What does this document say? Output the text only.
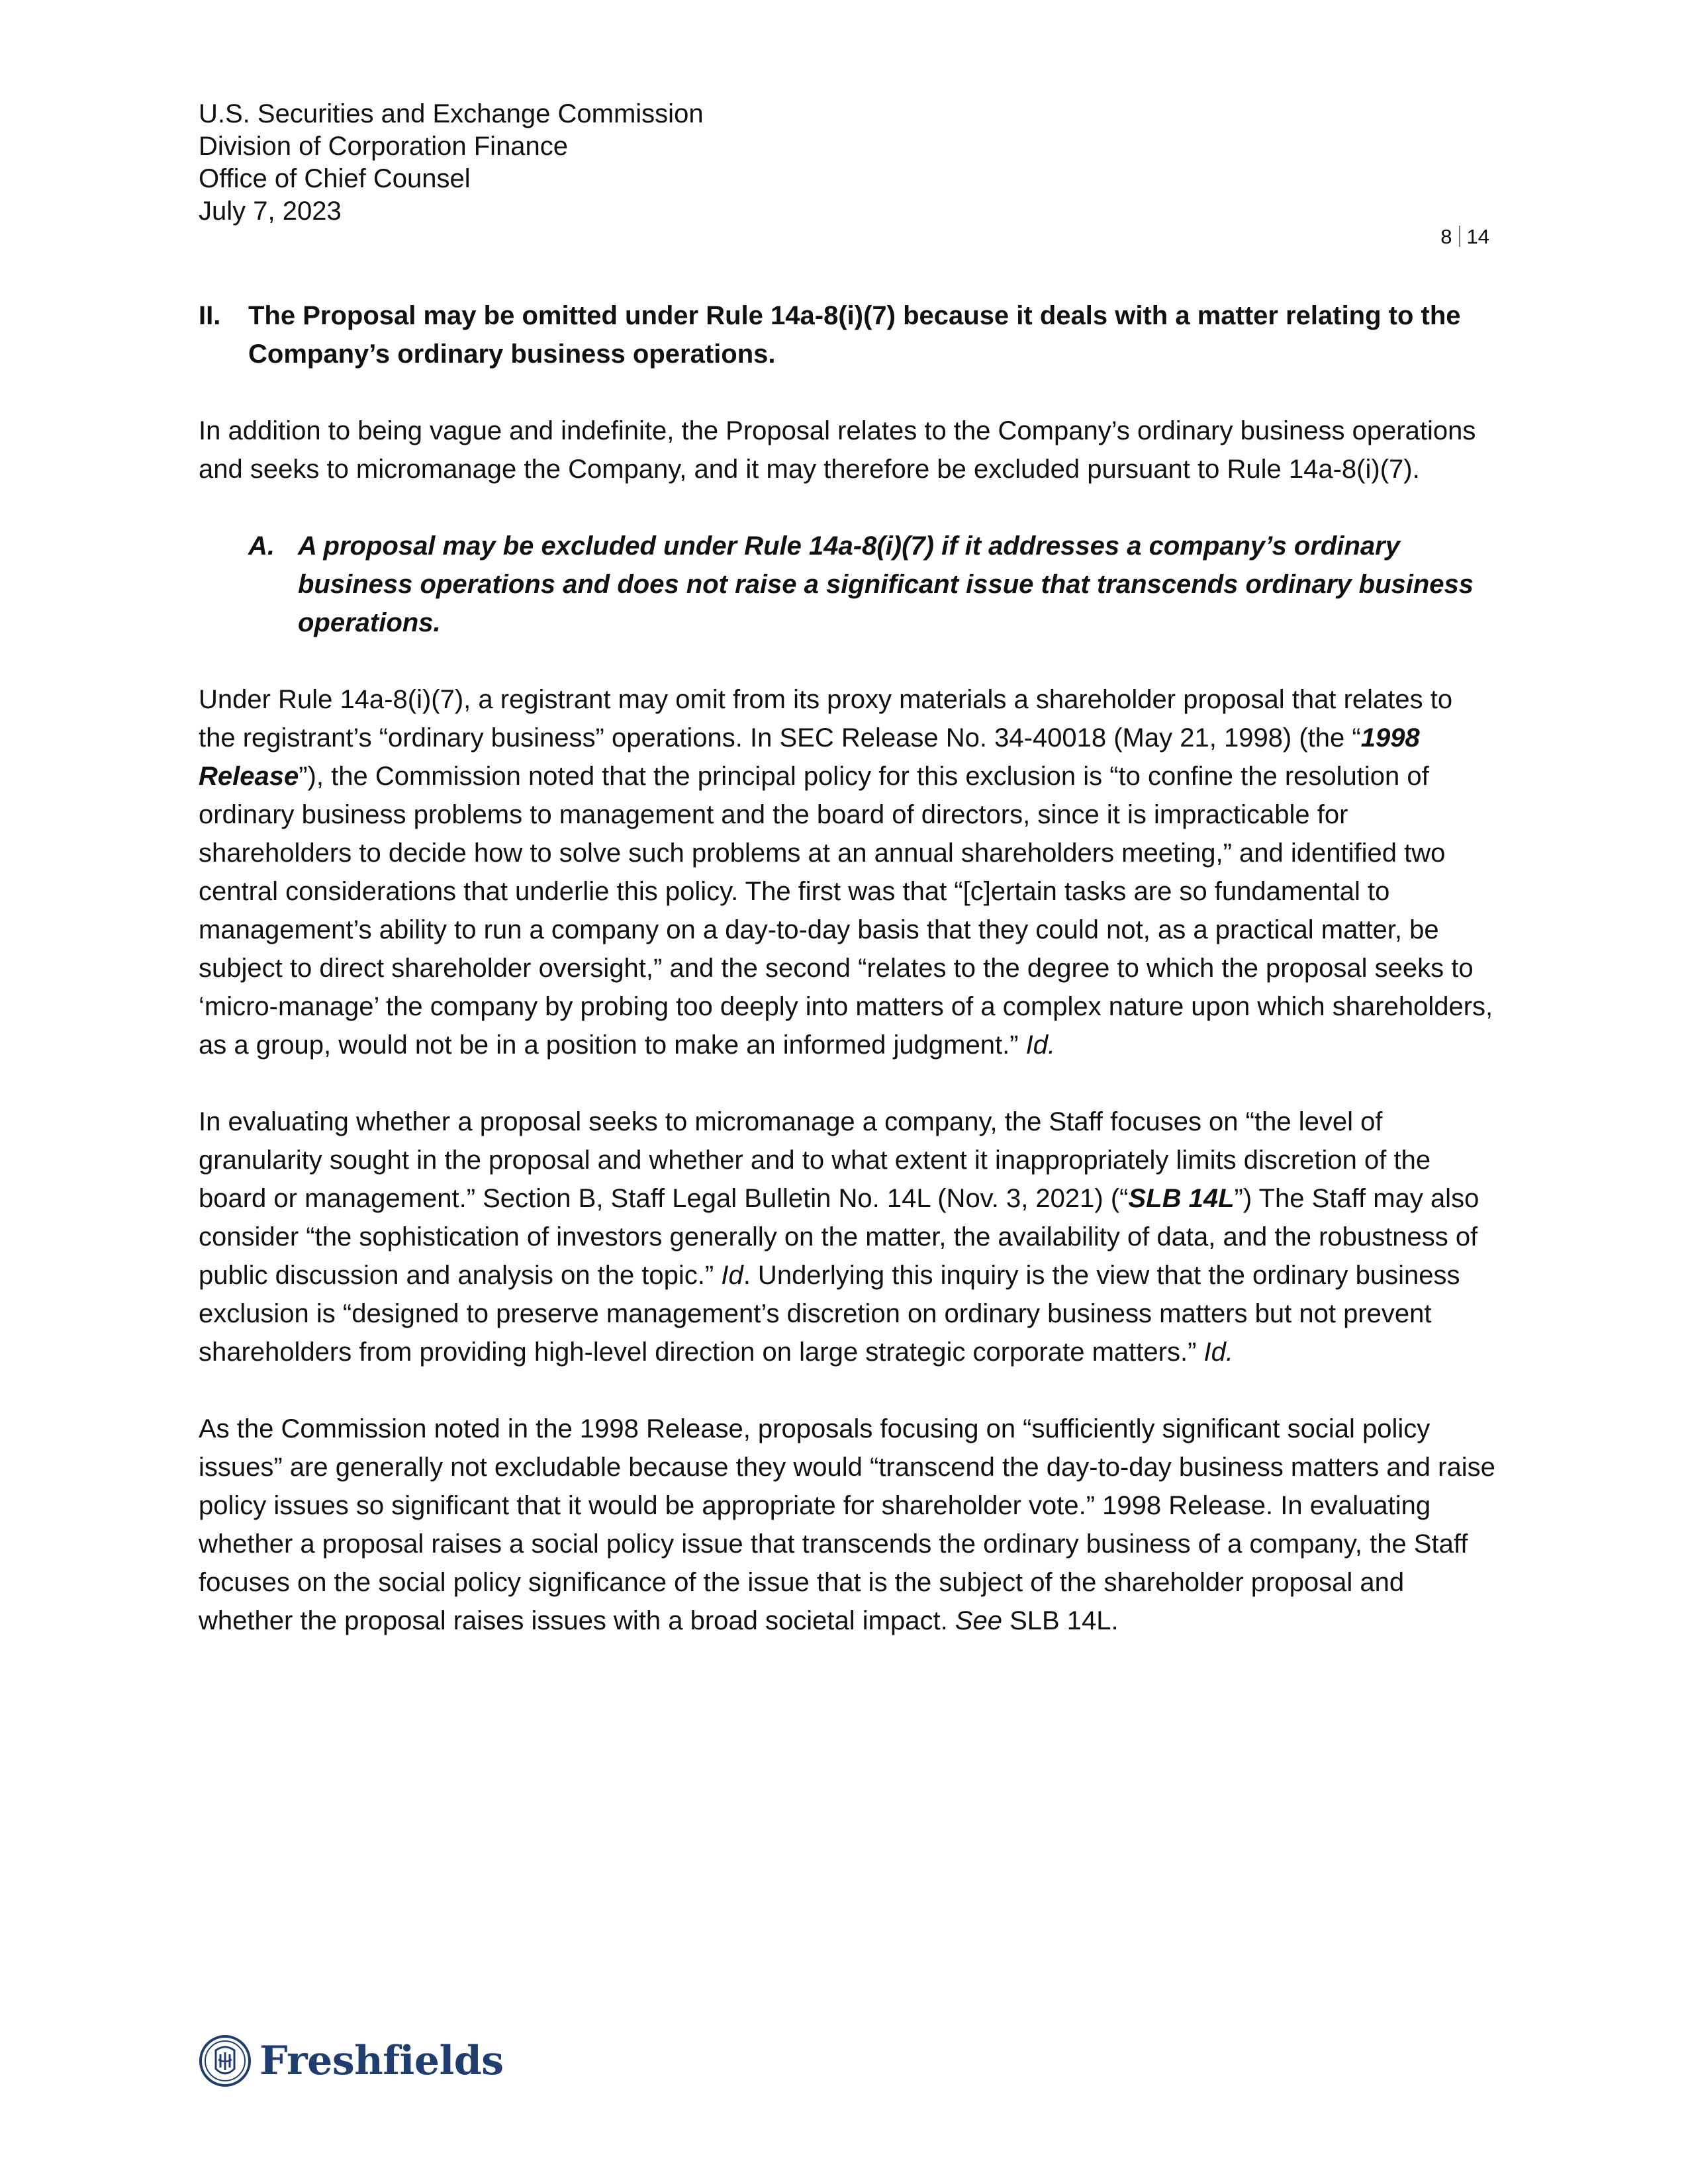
U.S. Securities and Exchange Commission
Division of Corporation Finance
Office of Chief Counsel
July 7, 2023
8 14
II.	The Proposal may be omitted under Rule 14a-8(i)(7) because it deals with a matter relating to the Company’s ordinary business operations.

In addition to being vague and indefinite, the Proposal relates to the Company’s ordinary business operations and seeks to micromanage the Company, and it may therefore be excluded pursuant to Rule 14a-8(i)(7).

A. A proposal may be excluded under Rule 14a-8(i)(7) if it addresses a company’s ordinary business operations and does not raise a significant issue that transcends ordinary business operations.

Under Rule 14a-8(i)(7), a registrant may omit from its proxy materials a shareholder proposal that relates to the registrant’s “ordinary business” operations. In SEC Release No. 34-40018 (May 21, 1998) (the “1998 Release”), the Commission noted that the principal policy for this exclusion is “to confine the resolution of ordinary business problems to management and the board of directors, since it is impracticable for shareholders to decide how to solve such problems at an annual shareholders meeting,” and identified two central considerations that underlie this policy. The first was that “[c]ertain tasks are so fundamental to management’s ability to run a company on a day-to-day basis that they could not, as a practical matter, be subject to direct shareholder oversight,” and the second “relates to the degree to which the proposal seeks to ‘micro-manage’ the company by probing too deeply into matters of a complex nature upon which shareholders, as a group, would not be in a position to make an informed judgment.” Id.

In evaluating whether a proposal seeks to micromanage a company, the Staff focuses on “the level of granularity sought in the proposal and whether and to what extent it inappropriately limits discretion of the board or management.” Section B, Staff Legal Bulletin No. 14L (Nov. 3, 2021) (“SLB 14L”) The Staff may also consider “the sophistication of investors generally on the matter, the availability of data, and the robustness of public discussion and analysis on the topic.” Id. Underlying this inquiry is the view that the ordinary business exclusion is “designed to preserve management’s discretion on ordinary business matters but not prevent shareholders from providing high-level direction on large strategic corporate matters.” Id.

As the Commission noted in the 1998 Release, proposals focusing on “sufficiently significant social policy issues” are generally not excludable because they would “transcend the day-to-day business matters and raise policy issues so significant that it would be appropriate for shareholder vote.” 1998 Release. In evaluating whether a proposal raises a social policy issue that transcends the ordinary business of a company, the Staff focuses on the social policy significance of the issue that is the subject of the shareholder proposal and whether the proposal raises issues with a broad societal impact. See SLB 14L.

Freshfields
